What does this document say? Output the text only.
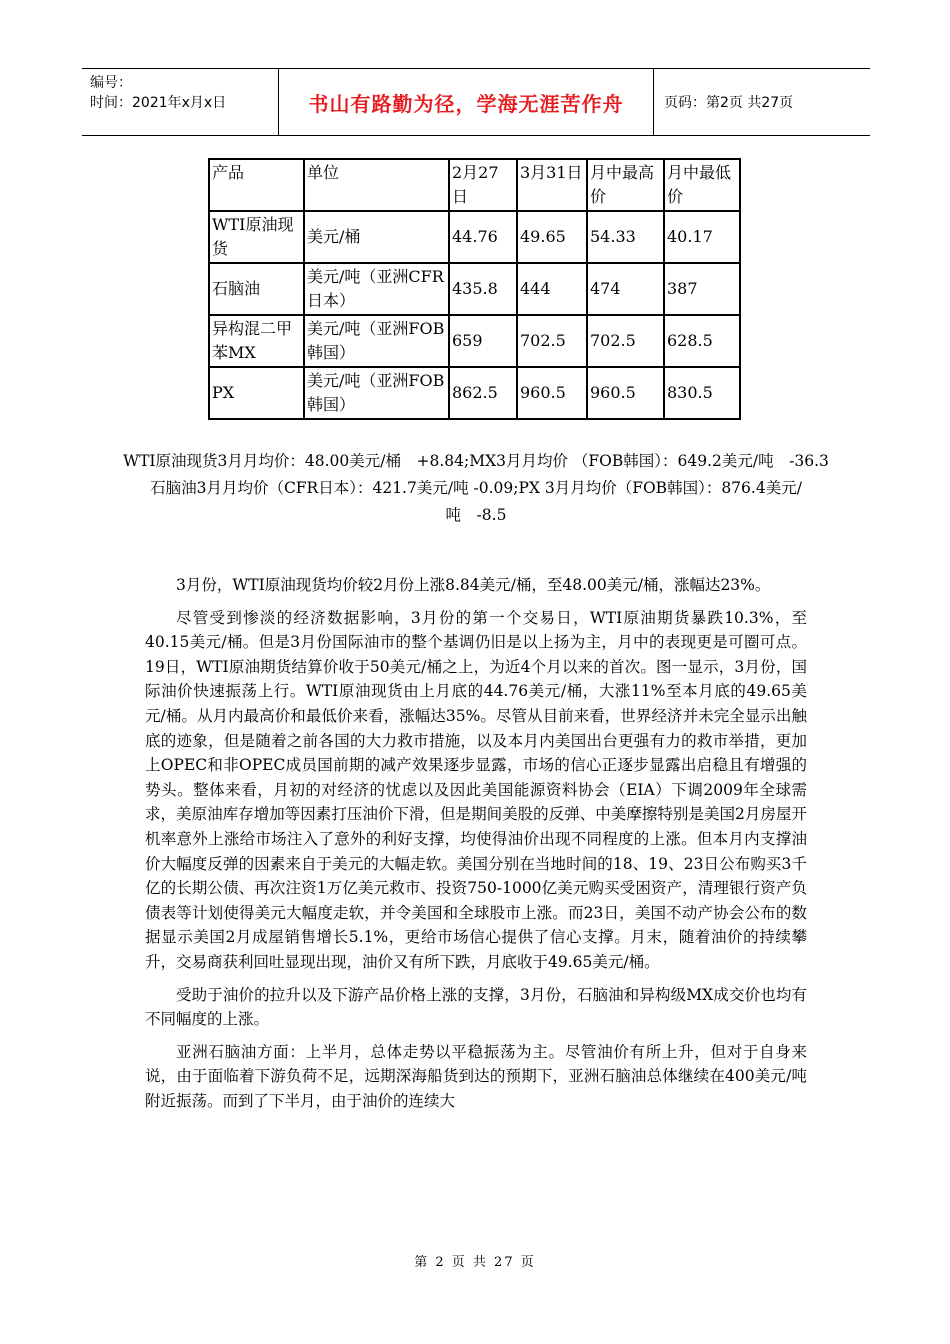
编号：
时间：2021年x月x日	书山有路勤为径，学海无涯苦作舟	页码：第2页 共27页
产品	单位	2月27日	3月31日	月中最高价	月中最低价
WTI原油现货	美元/桶	44.76	49.65	54.33	40.17
石脑油	美元/吨（亚洲CFR日本）	435.8	444	474	387
异构混二甲苯MX	美元/吨（亚洲FOB韩国）	659	702.5	702.5	628.5
PX	美元/吨（亚洲FOB韩国）	862.5	960.5	960.5	830.5

WTI原油现货3月月均价：48.00美元/桶　+8.84;MX3月月均价 （FOB韩国）：649.2美元/吨　-36.3

石脑油3月月均价（CFR日本）：421.7美元/吨 -0.09;PX 3月月均价（FOB韩国）：876.4美元/吨　-8.5

3月份，WTI原油现货均价较2月份上涨8.84美元/桶，至48.00美元/桶，涨幅达23%。

尽管受到惨淡的经济数据影响，3月份的第一个交易日，WTI原油期货暴跌10.3%，至40.15美元/桶。但是3月份国际油市的整个基调仍旧是以上扬为主，月中的表现更是可圈可点。19日，WTI原油期货结算价收于50美元/桶之上，为近4个月以来的首次。图一显示，3月份，国际油价快速振荡上行。WTI原油现货由上月底的44.76美元/桶，大涨11%至本月底的49.65美元/桶。从月内最高价和最低价来看，涨幅达35%。尽管从目前来看，世界经济并未完全显示出触底的迹象，但是随着之前各国的大力救市措施，以及本月内美国出台更强有力的救市举措，更加上OPEC和非OPEC成员国前期的减产效果逐步显露，市场的信心正逐步显露出启稳且有增强的势头。整体来看，月初的对经济的忧虑以及因此美国能源资料协会（EIA）下调2009年全球需求，美原油库存增加等因素打压油价下滑，但是期间美股的反弹、中美摩擦特别是美国2月房屋开机率意外上涨给市场注入了意外的利好支撑，均使得油价出现不同程度的上涨。但本月内支撑油价大幅度反弹的因素来自于美元的大幅走软。美国分别在当地时间的18、19、23日公布购买3千亿的长期公债、再次注资1万亿美元救市、投资750-1000亿美元购买受困资产，清理银行资产负债表等计划使得美元大幅度走软，并令美国和全球股市上涨。而23日，美国不动产协会公布的数据显示美国2月成屋销售增长5.1%，更给市场信心提供了信心支撑。月末，随着油价的持续攀升，交易商获利回吐显现出现，油价又有所下跌，月底收于49.65美元/桶。

受助于油价的拉升以及下游产品价格上涨的支撑，3月份，石脑油和异构级MX成交价也均有不同幅度的上涨。

亚洲石脑油方面：上半月，总体走势以平稳振荡为主。尽管油价有所上升，但对于自身来说，由于面临着下游负荷不足，远期深海船货到达的预期下，亚洲石脑油总体继续在400美元/吨附近振荡。而到了下半月，由于油价的连续大

第 2 页 共 27 页
